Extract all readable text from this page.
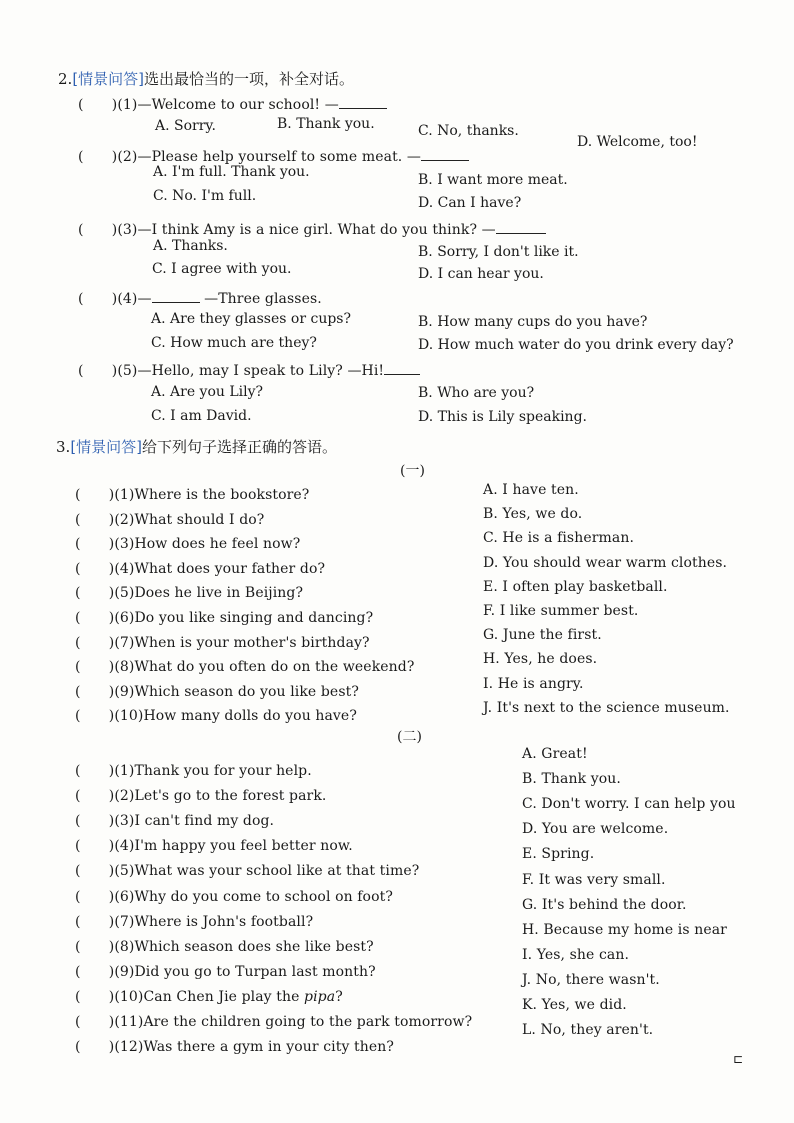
2.[情景问答]选出最恰当的一项，补全对话。
(　　)(1)—Welcome to our school! —
A. Sorry.	B. Thank you.	C. No, thanks.
D. Welcome, too!
(　　)(2)—Please help yourself to some meat. —
A. I'm full. Thank you.	B. I want more meat.
C. No. I'm full.	D. Can I have?
(　　)(3)—I think Amy is a nice girl. What do you think? —
A. Thanks.	B. Sorry, I don't like it.
C. I agree with you.	D. I can hear you.
(　　)(4)—	—Three glasses.
A. Are they glasses or cups?	B. How many cups do you have?
C. How much are they?	D. How much water do you drink every day?
(　　)(5)—Hello, may I speak to Lily? —Hi!
A. Are you Lily?	B. Who are you?
C. I am David.	D. This is Lily speaking.
3.[情景问答]给下列句子选择正确的答语。
(一)
(　　)(1)Where is the bookstore?
(　　)(2)What should I do?
(　　)(3)How does he feel now?
(　　)(4)What does your father do?
(　　)(5)Does he live in Beijing?
(　　)(6)Do you like singing and dancing?
(　　)(7)When is your mother's birthday?
(　　)(8)What do you often do on the weekend?
(　　)(9)Which season do you like best?
(　　)(10)How many dolls do you have?
A. I have ten.
B. Yes, we do.
C. He is a fisherman.
D. You should wear warm clothes.
E. I often play basketball.
F. I like summer best.
G. June the first.
H. Yes, he does.
I. He is angry.
J. It's next to the science museum.
(二)
(　　)(1)Thank you for your help.
(　　)(2)Let's go to the forest park.
(　　)(3)I can't find my dog.
(　　)(4)I'm happy you feel better now.
(　　)(5)What was your school like at that time?
(　　)(6)Why do you come to school on foot?
(　　)(7)Where is John's football?
(　　)(8)Which season does she like best?
(　　)(9)Did you go to Turpan last month?
(　　)(10)Can Chen Jie play the pipa?
(　　)(11)Are the children going to the park tomorrow?
(　　)(12)Was there a gym in your city then?
A. Great!
B. Thank you.
C. Don't worry. I can help you
D. You are welcome.
E. Spring.
F. It was very small.
G. It's behind the door.
H. Because my home is near
I. Yes, she can.
J. No, there wasn't.
K. Yes, we did.
L. No, they aren't.
⊏
